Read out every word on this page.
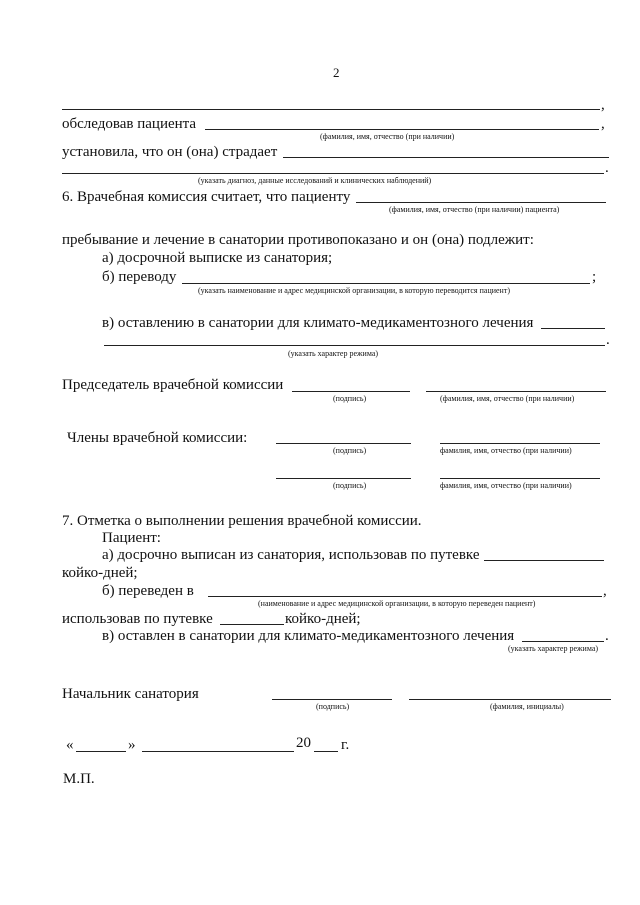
2
,
обследовав пациента	,
(фамилия, имя, отчество (при наличии)
установила, что он (она) страдает
.
(указать диагноз, данные исследований и клинических наблюдений)
6. Врачебная комиссия считает, что пациенту
(фамилия, имя, отчество (при наличии) пациента)
пребывание и лечение в санатории противопоказано и он (она) подлежит:
а) досрочной выписке из санатория;
б) переводу	;
(указать наименование и адрес медицинской организации, в которую переводится пациент)
в) оставлению в санатории для климато-медикаментозного лечения
.
(указать характер режима)
Председатель врачебной комиссии
(подпись)	(фамилия, имя, отчество (при наличии)
Члены врачебной комиссии:
(подпись)	фамилия, имя, отчество (при наличии)
(подпись)	фамилия, имя, отчество (при наличии)
7. Отметка о выполнении решения врачебной комиссии.
Пациент:
а) досрочно выписан из санатория, использовав по путевке
койко-дней;
б) переведен в	,
(наименование и адрес медицинской организации, в которую переведен пациент)
использовав по путевке	койко-дней;
в) оставлен в санатории для климато-медикаментозного лечения	.
(указать характер режима)
Начальник санатория
(подпись)	(фамилия, инициалы)
«	»	20 г.
М.П.
